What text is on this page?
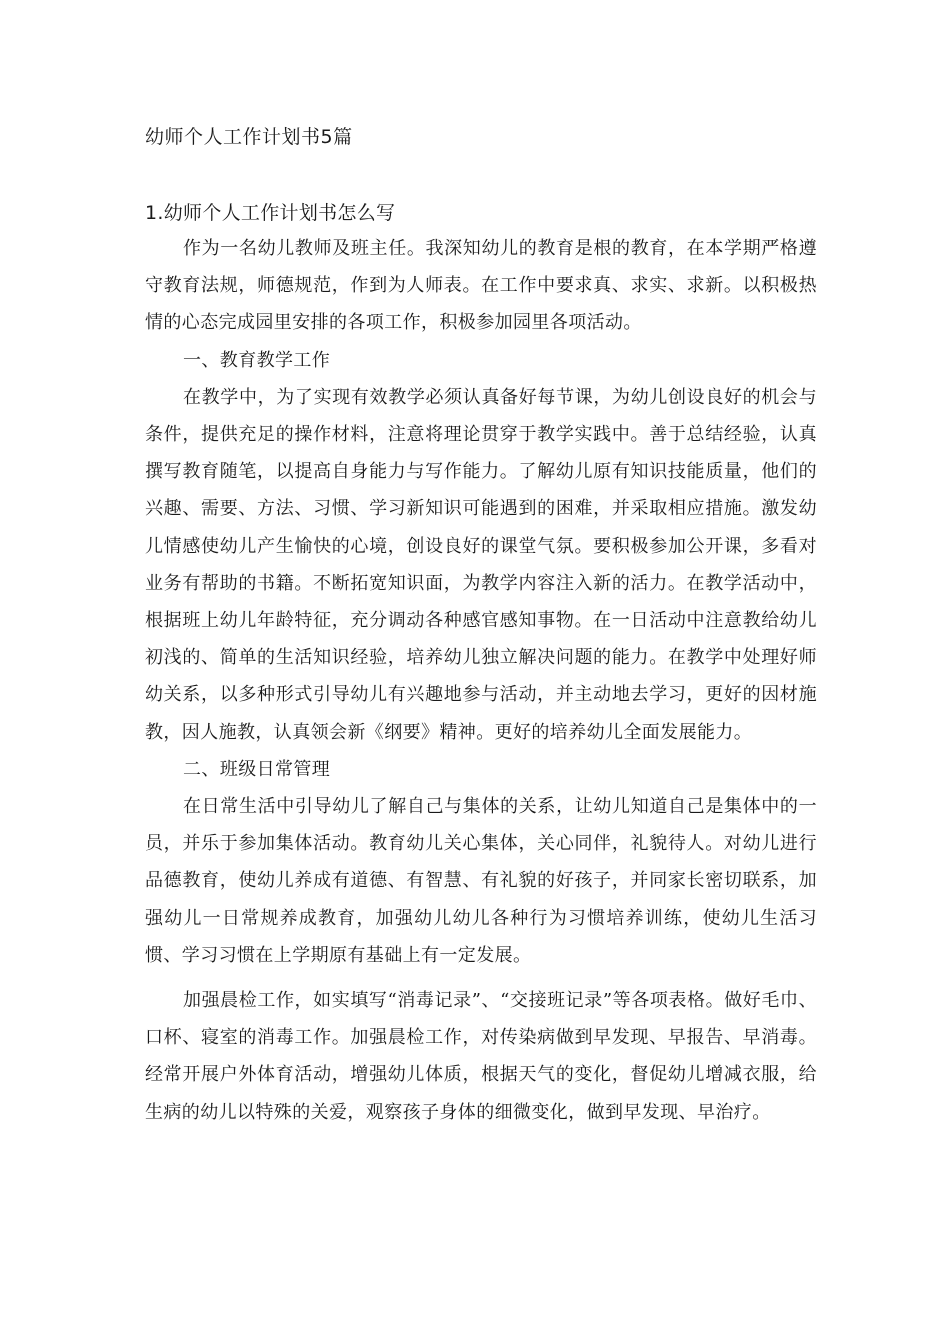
幼师个人工作计划书5篇
1.幼师个人工作计划书怎么写

作为一名幼儿教师及班主任。我深知幼儿的教育是根的教育，在本学期严格遵守教育法规，师德规范，作到为人师表。在工作中要求真、求实、求新。以积极热情的心态完成园里安排的各项工作，积极参加园里各项活动。

一、教育教学工作

在教学中，为了实现有效教学必须认真备好每节课，为幼儿创设良好的机会与条件，提供充足的操作材料，注意将理论贯穿于教学实践中。善于总结经验，认真撰写教育随笔，以提高自身能力与写作能力。了解幼儿原有知识技能质量，他们的兴趣、需要、方法、习惯、学习新知识可能遇到的困难，并采取相应措施。激发幼儿情感使幼儿产生愉快的心境，创设良好的课堂气氛。要积极参加公开课，多看对业务有帮助的书籍。不断拓宽知识面，为教学内容注入新的活力。在教学活动中，根据班上幼儿年龄特征，充分调动各种感官感知事物。在一日活动中注意教给幼儿初浅的、简单的生活知识经验，培养幼儿独立解决问题的能力。在教学中处理好师幼关系，以多种形式引导幼儿有兴趣地参与活动，并主动地去学习，更好的因材施教，因人施教，认真领会新《纲要》精神。更好的培养幼儿全面发展能力。

二、班级日常管理

在日常生活中引导幼儿了解自己与集体的关系，让幼儿知道自己是集体中的一员，并乐于参加集体活动。教育幼儿关心集体，关心同伴，礼貌待人。对幼儿进行品德教育，使幼儿养成有道德、有智慧、有礼貌的好孩子，并同家长密切联系，加强幼儿一日常规养成教育，加强幼儿幼儿各种行为习惯培养训练，使幼儿生活习惯、学习习惯在上学期原有基础上有一定发展。

加强晨检工作，如实填写“消毒记录”、“交接班记录”等各项表格。做好毛巾、口杯、寝室的消毒工作。加强晨检工作，对传染病做到早发现、早报告、早消毒。经常开展户外体育活动，增强幼儿体质，根据天气的变化，督促幼儿增减衣服，给生病的幼儿以特殊的关爱，观察孩子身体的细微变化，做到早发现、早治疗。
